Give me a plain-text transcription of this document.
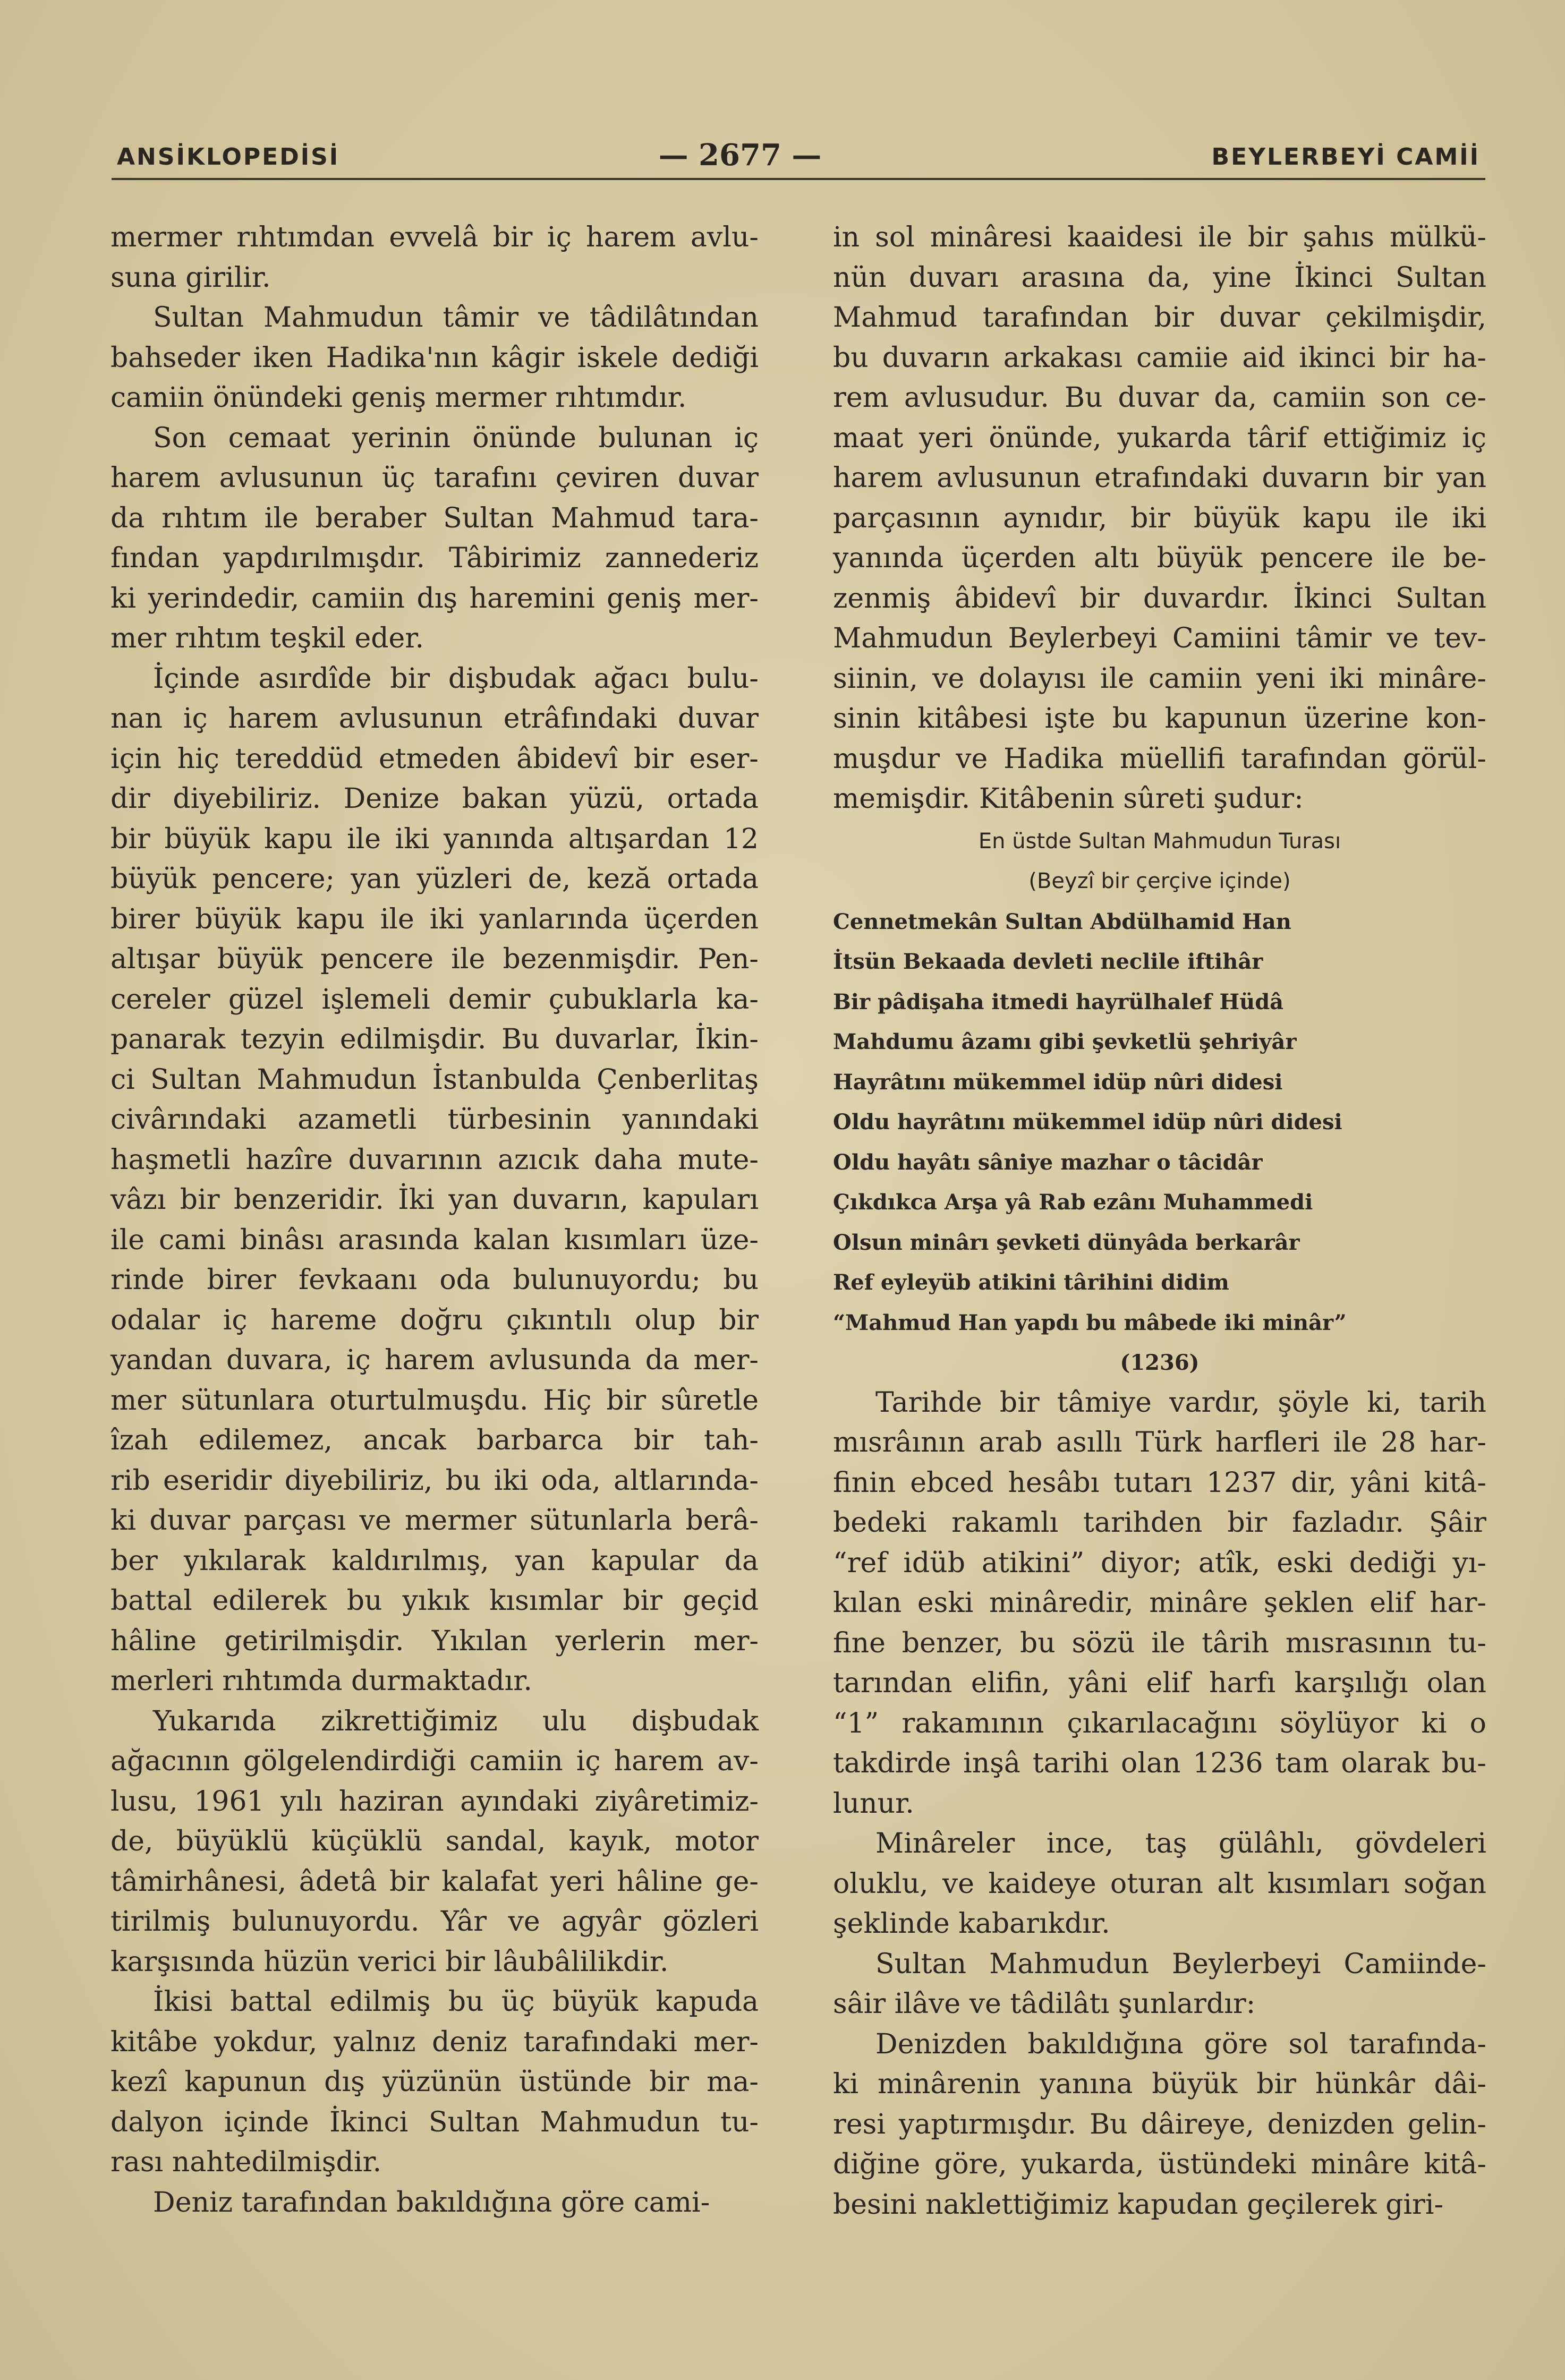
ANSİKLOPEDİSİ	— 2677 —	BEYLERBEYİ CAMİİ
mermer rıhtımdan evvelâ bir iç harem avlu-
suna girilir.
Sultan Mahmudun tâmir ve tâdilâtından
bahseder iken Hadika'nın kâgir iskele dediği
camiin önündeki geniş mermer rıhtımdır.
Son cemaat yerinin önünde bulunan iç
harem avlusunun üç tarafını çeviren duvar
da rıhtım ile beraber Sultan Mahmud tara-
fından yapdırılmışdır. Tâbirimiz zannederiz
ki yerindedir, camiin dış haremini geniş mer-
mer rıhtım teşkil eder.
İçinde asırdîde bir dişbudak ağacı bulu-
nan iç harem avlusunun etrâfındaki duvar
için hiç tereddüd etmeden âbidevî bir eser-
dir diyebiliriz. Denize bakan yüzü, ortada
bir büyük kapu ile iki yanında altışardan 12
büyük pencere; yan yüzleri de, keză ortada
birer büyük kapu ile iki yanlarında üçerden
altışar büyük pencere ile bezenmişdir. Pen-
cereler güzel işlemeli demir çubuklarla ka-
panarak tezyin edilmişdir. Bu duvarlar, İkin-
ci Sultan Mahmudun İstanbulda Çenberlitaş
civârındaki azametli türbesinin yanındaki
haşmetli hazîre duvarının azıcık daha mute-
vâzı bir benzeridir. İki yan duvarın, kapuları
ile cami binâsı arasında kalan kısımları üze-
rinde birer fevkaanı oda bulunuyordu; bu
odalar iç hareme doğru çıkıntılı olup bir
yandan duvara, iç harem avlusunda da mer-
mer sütunlara oturtulmuşdu. Hiç bir sûretle
îzah edilemez, ancak barbarca bir tah-
rib eseridir diyebiliriz, bu iki oda, altlarında-
ki duvar parçası ve mermer sütunlarla berâ-
ber yıkılarak kaldırılmış, yan kapular da
battal edilerek bu yıkık kısımlar bir geçid
hâline getirilmişdir. Yıkılan yerlerin mer-
merleri rıhtımda durmaktadır.
Yukarıda zikrettiğimiz ulu dişbudak
ağacının gölgelendirdiği camiin iç harem av-
lusu, 1961 yılı haziran ayındaki ziyâretimiz-
de, büyüklü küçüklü sandal, kayık, motor
tâmirhânesi, âdetâ bir kalafat yeri hâline ge-
tirilmiş bulunuyordu. Yâr ve agyâr gözleri
karşısında hüzün verici bir lâubâlilikdir.
İkisi battal edilmiş bu üç büyük kapuda
kitâbe yokdur, yalnız deniz tarafındaki mer-
kezî kapunun dış yüzünün üstünde bir ma-
dalyon içinde İkinci Sultan Mahmudun tu-
rası nahtedilmişdir.
Deniz tarafından bakıldığına göre cami-
in sol minâresi kaaidesi ile bir şahıs mülkü-
nün duvarı arasına da, yine İkinci Sultan
Mahmud tarafından bir duvar çekilmişdir,
bu duvarın arkakası camiie aid ikinci bir ha-
rem avlusudur. Bu duvar da, camiin son ce-
maat yeri önünde, yukarda târif ettiğimiz iç
harem avlusunun etrafındaki duvarın bir yan
parçasının aynıdır, bir büyük kapu ile iki
yanında üçerden altı büyük pencere ile be-
zenmiş âbidevî bir duvardır. İkinci Sultan
Mahmudun Beylerbeyi Camiini tâmir ve tev-
siinin, ve dolayısı ile camiin yeni iki minâre-
sinin kitâbesi işte bu kapunun üzerine kon-
muşdur ve Hadika müellifi tarafından görül-
memişdir. Kitâbenin sûreti şudur:
En üstde Sultan Mahmudun Turası
(Beyzî bir çerçive içinde)
Cennetmekân Sultan Abdülhamid Han
İtsün Bekaada devleti neclile iftihâr
Bir pâdişaha itmedi hayrülhalef Hüdâ
Mahdumu âzamı gibi şevketlü şehriyâr
Hayrâtını mükemmel idüp nûri didesi
Oldu hayrâtını mükemmel idüp nûri didesi
Oldu hayâtı sâniye mazhar o tâcidâr
Çıkdıkca Arşa yâ Rab ezânı Muhammedi
Olsun minârı şevketi dünyâda berkarâr
Ref eyleyüb atikini târihini didim
“Mahmud Han yapdı bu mâbede iki minâr”
(1236)
Tarihde bir tâmiye vardır, şöyle ki, tarih
mısrâının arab asıllı Türk harfleri ile 28 har-
finin ebced hesâbı tutarı 1237 dir, yâni kitâ-
bedeki rakamlı tarihden bir fazladır. Şâir
“ref idüb atikini” diyor; atîk, eski dediği yı-
kılan eski minâredir, minâre şeklen elif har-
fine benzer, bu sözü ile târih mısrasının tu-
tarından elifin, yâni elif harfı karşılığı olan
“1” rakamının çıkarılacağını söylüyor ki o
takdirde inşâ tarihi olan 1236 tam olarak bu-
lunur.
Minâreler ince, taş gülâhlı, gövdeleri
oluklu, ve kaideye oturan alt kısımları soğan
şeklinde kabarıkdır.
Sultan Mahmudun Beylerbeyi Camiinde-
sâir ilâve ve tâdilâtı şunlardır:
Denizden bakıldığına göre sol tarafında-
ki minârenin yanına büyük bir hünkâr dâi-
resi yaptırmışdır. Bu dâireye, denizden gelin-
diğine göre, yukarda, üstündeki minâre kitâ-
besini naklettiğimiz kapudan geçilerek giri-
